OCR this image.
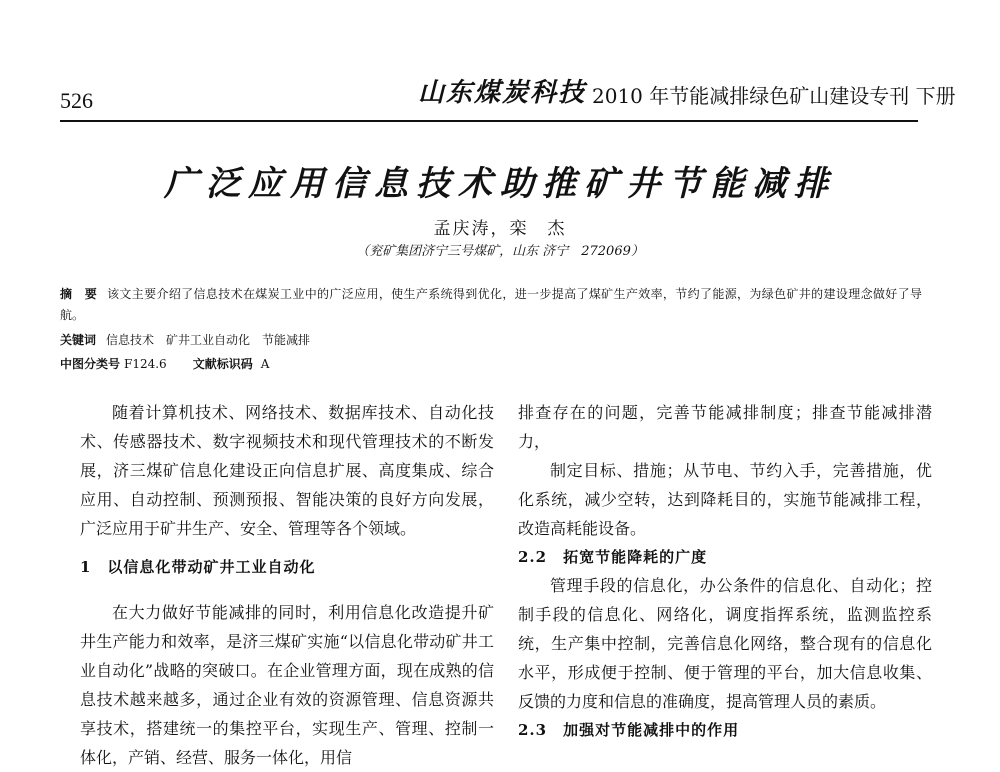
526	山东煤炭科技 2010 年节能减排绿色矿山建设专刊 下册
广泛应用信息技术助推矿井节能减排
孟庆涛，栾　杰
（兖矿集团济宁三号煤矿，山东 济宁　272069）
摘　要 该文主要介绍了信息技术在煤炭工业中的广泛应用，使生产系统得到优化，进一步提高了煤矿生产效率，节约了能源，为绿色矿井的建设理念做好了导航。
关键词 信息技术　矿井工业自动化　节能减排
中图分类号 F124.6 文献标识码 A

随着计算机技术、网络技术、数据库技术、自动化技术、传感器技术、数字视频技术和现代管理技术的不断发展，济三煤矿信息化建设正向信息扩展、高度集成、综合应用、自动控制、预测预报、智能决策的良好方向发展，广泛应用于矿井生产、安全、管理等各个领域。

1　以信息化带动矿井工业自动化

在大力做好节能减排的同时，利用信息化改造提升矿井生产能力和效率，是济三煤矿实施“以信息化带动矿井工业自动化”战略的突破口。在企业管理方面，现在成熟的信息技术越来越多，通过企业有效的资源管理、信息资源共享技术，搭建统一的集控平台，实现生产、管理、控制一体化，产销、经营、服务一体化，用信

排查存在的问题，完善节能减排制度；排查节能减排潜力，

制定目标、措施；从节电、节约入手，完善措施，优化系统，减少空转，达到降耗目的，实施节能减排工程，改造高耗能设备。

2.2　拓宽节能降耗的广度

管理手段的信息化，办公条件的信息化、自动化；控制手段的信息化、网络化，调度指挥系统，监测监控系统，生产集中控制，完善信息化网络，整合现有的信息化水平，形成便于控制、便于管理的平台，加大信息收集、反馈的力度和信息的准确度，提高管理人员的素质。

2.3　加强对节能减排中的作用
